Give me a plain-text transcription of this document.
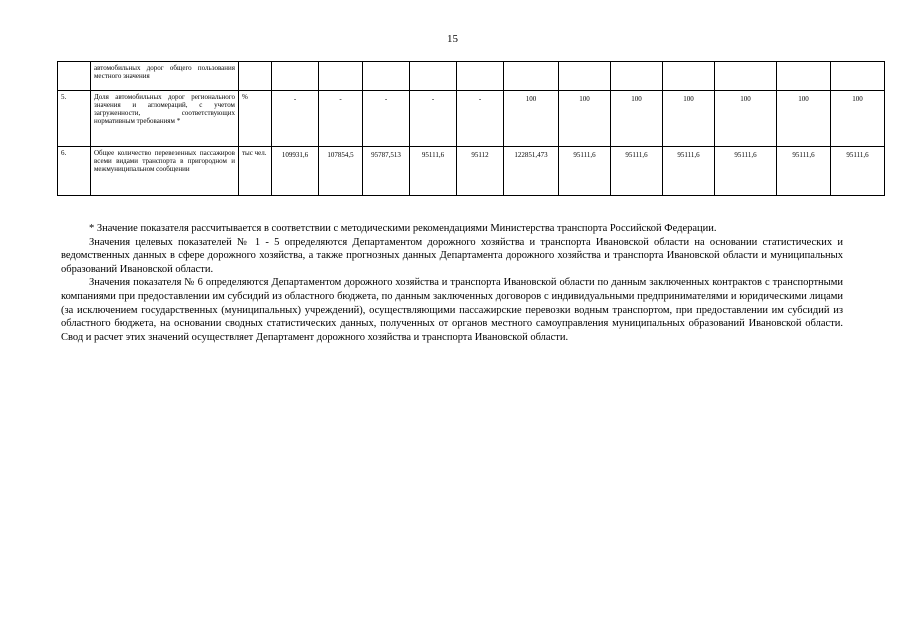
15
	автомобильных дорог общего пользования местного значения													
5.	Доля автомобильных дорог регионального значения и агломераций, с учетом загруженности, соответствующих нормативным требованиям *	%	-	-	-	-	-	100	100	100	100	100	100	100
6.	Общее количество перевезенных пассажиров всеми видами транспорта в пригородном и межмуниципальном сообщении	тыс чел.	109931,6	107854,5	95787,513	95111,6	95112	122851,473	95111,6	95111,6	95111,6	95111,6	95111,6	95111,6

* Значение показателя рассчитывается в соответствии с методическими рекомендациями Министерства транспорта Российской Федерации.

Значения целевых показателей № 1 - 5 определяются Департаментом дорожного хозяйства и транспорта Ивановской области на основании статистических и ведомственных данных в сфере дорожного хозяйства, а также прогнозных данных Департамента дорожного хозяйства и транспорта Ивановской области и муниципальных образований Ивановской области.

Значения показателя № 6 определяются Департаментом дорожного хозяйства и транспорта Ивановской области по данным заключенных контрактов с транспортными компаниями при предоставлении им субсидий из областного бюджета, по данным заключенных договоров с индивидуальными предпринимателями и юридическими лицами (за исключением государственных (муниципальных) учреждений), осуществляющими пассажирские перевозки водным транспортом, при предоставлении им субсидий из областного бюджета, на основании сводных статистических данных, полученных от органов местного самоуправления муниципальных образований Ивановской области. Свод и расчет этих значений осуществляет Департамент дорожного хозяйства и транспорта Ивановской области.
